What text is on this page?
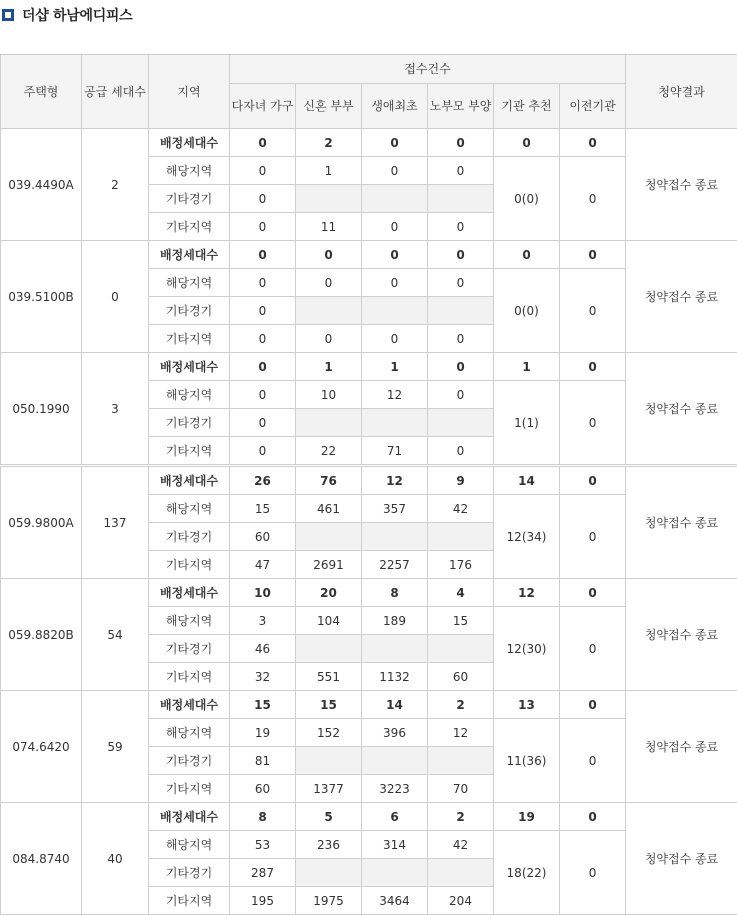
더샵 하남에디피스
주택형	공급 세대수	지역	접수건수						청약결과
			다자녀 가구	신혼 부부	생애최초	노부모 부양	기관 추천	이전기관	
039.4490A	2	배정세대수	0	2	0	0	0	0	청약접수 종료
		해당지역	0	1	0	0	0(0)	0	
		기타경기	0						
		기타지역	0	11	0	0			
039.5100B	0	배정세대수	0	0	0	0	0	0	청약접수 종료
		해당지역	0	0	0	0	0(0)	0	
		기타경기	0						
		기타지역	0	0	0	0			
050.1990	3	배정세대수	0	1	1	0	1	0	청약접수 종료
		해당지역	0	10	12	0	1(1)	0	
		기타경기	0						
		기타지역	0	22	71	0			
059.9800A	137	배정세대수	26	76	12	9	14	0	청약접수 종료
		해당지역	15	461	357	42	12(34)	0	
		기타경기	60						
		기타지역	47	2691	2257	176			
059.8820B	54	배정세대수	10	20	8	4	12	0	청약접수 종료
		해당지역	3	104	189	15	12(30)	0	
		기타경기	46						
		기타지역	32	551	1132	60			
074.6420	59	배정세대수	15	15	14	2	13	0	청약접수 종료
		해당지역	19	152	396	12	11(36)	0	
		기타경기	81						
		기타지역	60	1377	3223	70			
084.8740	40	배정세대수	8	5	6	2	19	0	청약접수 종료
		해당지역	53	236	314	42	18(22)	0	
		기타경기	287						
		기타지역	195	1975	3464	204			
